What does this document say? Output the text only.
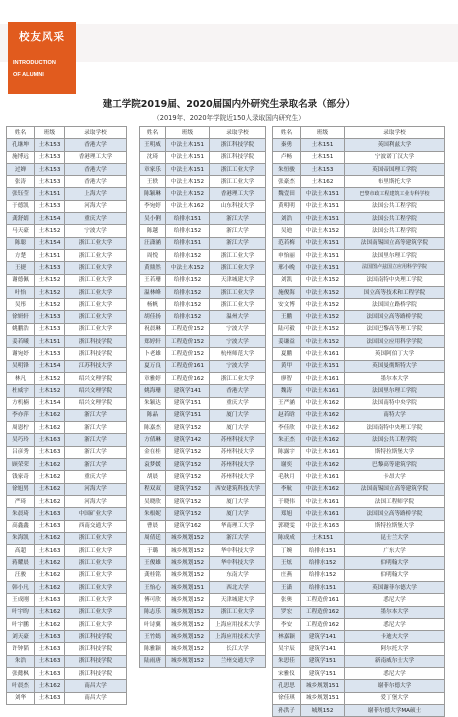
校友风采
INTRODUCTION
OF ALUMNI
建工学院2019届、2020届国内外研究生录取名录（部分）
（2019年、2020年学院近150人录取国内研究生）
姓名	班级	录取学校
孔继坤	土木153	香港大学
施博远	土木153	香港理工大学
过婵	土木153	香港大学
张涛	土木153	香港大学
张钰莹	土木151	上海大学
于德凯	土木153	河海大学
龚舒婧	土木154	重庆大学
马天豪	土木152	宁波大学
陈聪	土木154	浙江工业大学
方楚	土木151	浙江工业大学
王捷	土木153	浙江工业大学
谢德佩	土木152	浙江工业大学
叶怡	土木152	浙江工业大学
吴彤	土木152	浙江工业大学
徐妍轩	土木153	浙江工业大学
姚鹏浩	土木153	浙江工业大学
姜若曦	土木151	浙江科技学院
谢宛妤	土木153	浙江科技学院
吴明锋	土木154	江苏科技大学
林凡	土木152	绍兴文理学院
杜威宇	土木152	绍兴文理学院
方机楠	土木154	绍兴文理学院
李亦萍	土木162	浙江大学
周恩柠	土木162	浙江大学
吴巧玲	土木163	浙江大学
吕彦秀	土木163	浙江大学
顾荣荣	土木162	浙江大学
钱家奇	土木162	重庆大学
徐旭男	土木162	河海大学
严琦	土木162	河海大学
朱晨琦	土木163	中国矿业大学
高鑫鑫	土木163	西南交通大学
朱海凯	土木162	浙江工业大学
高超	土木163	浙江工业大学
蒋耀晨	土木162	浙江工业大学
汪骏	土木162	浙江工业大学
韩小凡	土木162	浙江工业大学
王成刚	土木163	浙江工业大学
叶宇昀	土木162	浙江工业大学
叶宇鹏	土木162	浙江工业大学
刘天豪	土木163	浙江科技学院
许钟韬	土木163	浙江科技学院
朱浩	土木163	浙江科技学院
张懿枫	土木163	浙江科技学院
叶晨杰	土木162	南昌大学
刘华	土木163	南昌大学
姓名	班级	录取学校
王明威	中法土木151	浙江科技学院
沈琦	中法土木151	浙江科技学院
章家乐	中法土木151	浙江工业大学
王轶	中法土木152	浙江工业大学
陈颖琳	中法土木152	香港理工大学
李宛婷	中法土木162	山东科技大学
吴小俐	给排水151	浙江大学
陈越	给排水152	浙江大学
汪潇涵	给排水151	浙江大学
周悦	给排水152	浙江工业大学
黄鼎然	中法土木152	浙江工业大学
王若珊	给排水152	天津城建大学
温林峰	给排水152	浙江工业大学
杨帆	给排水152	浙江工业大学
胡佳扬	给排水152	温州大学
祝晨琳	工程造价152	宁波大学
郑婷轩	工程造价152	宁波大学
卜老雄	工程造价152	杭州师范大学
夏万良	工程造价161	宁波大学
章雅婷	工程造价162	浙江工业大学
姚海珊	建筑学141	香港大学
朱颖达	建筑学151	重庆大学
陈晶	建筑学151	厦门大学
陈嘉杰	建筑学152	厦门大学
方倩琳	建筑学142	苏州科技大学
金在桂	建筑学152	苏州科技大学
袁梦媛	建筑学152	苏州科技大学
胡晨	建筑学152	苏州科技大学
程双双	建筑学152	西安建筑科技大学
吴晓欣	建筑学152	厦门大学
朱根妮	建筑学152	厦门大学
曹晨	建筑学162	华南理工大学
周倩廷	城乡规划152	浙江大学
于璐	城乡规划152	华中科技大学
王俊雄	城乡规划152	华中科技大学
龚桂铭	城乡规划152	东南大学
王怡心	城乡规划151	西北大学
傅可欣	城乡规划152	天津城建大学
陈志乐	城乡规划152	浙江工业大学
叶诗翼	城乡规划152	上海应用技术大学
王竹嫣	城乡规划152	上海应用技术大学
陈雅颖	城乡规划152	长江大学
陆雨唐	城乡规划152	兰州交通大学
姓名	班级	录取学校
秦勇	土木151	英国利兹大学
卢畅	土木151	宁波诺丁汉大学
朱恒骏	土木153	英国帝国理工学院
张豪杰	土木162	布里斯托大学
魏壹田	中法土木151	巴黎市政工程建筑工业专科学校
黄明明	中法土木151	法国公共工程学院
刘浩	中法土木151	法国公共工程学院
吴迪	中法土木152	法国公共工程学院
范若梅	中法土木151	法国南锡国立高等建筑学院
申怡丽	中法土木151	法国里尔理工学院
邢小晚	中法土木151	法国图卢兹国立应用科学学院
刘凯	中法土木152	法国南特中央理工学院
施俊海	中法土木152	国立高等技术和工程学院
安文博	中法土木152	法国国立路桥学院
王鹏	中法土木152	法国国立高等路桥学院
陆可毅	中法土木152	法国巴黎高等理工学院
姜谦益	中法土木152	法国国立应用科学学院
夏鹏	中法土木161	英国阿伯丁大学
黄甲	中法土木151	英国曼彻斯特大学
廖智	中法土木161	墨尔本大学
魏涛	中法土木161	法国里尔理工学院
王严涵	中法土木162	法国南特中央学院
赵若晗	中法土木162	南特大学
李佳欣	中法土木162	法国南特中央理工学院
朱正杰	中法土木162	法国公共工程学院
陈露宇	中法土木161	斯特拉斯堡大学
谢奕	中法土木162	巴黎高等建筑学院
毛秋月	中法土木161	卡昂大学
李航	中法土木162	法国南锡国立高等建筑学院
于晓伟	中法土木161	法国工程师学院
郑旭	中法土木161	法国国立高等路桥学院
郭晓雯	中法土木163	斯特拉斯堡大学
陈成成	土木151	昆士兰大学
丁婉	给排水151	广东大学
王炫	给排水152	伯明翰大学
庄燕	给排水152	伯明翰大学
王潇	给排水151	英国谢菲尔德大学
张奥	工程造价161	悉尼大学
罗宏	工程造价162	墨尔本大学
李安	工程造价162	悉尼大学
林嘉颖	建筑学141	卡迪夫大学
吴宇辰	建筑学141	阿尔托大学
朱思佳	建筑学151	新南威尔士大学
宋雅仪	建筑学151	悉尼大学
孔思思	城乡规划151	谢菲尔德大学
徐佳琪	城乡规划151	爱丁堡大学
孙洪子	城规152	谢菲尔德大学MA硕士
